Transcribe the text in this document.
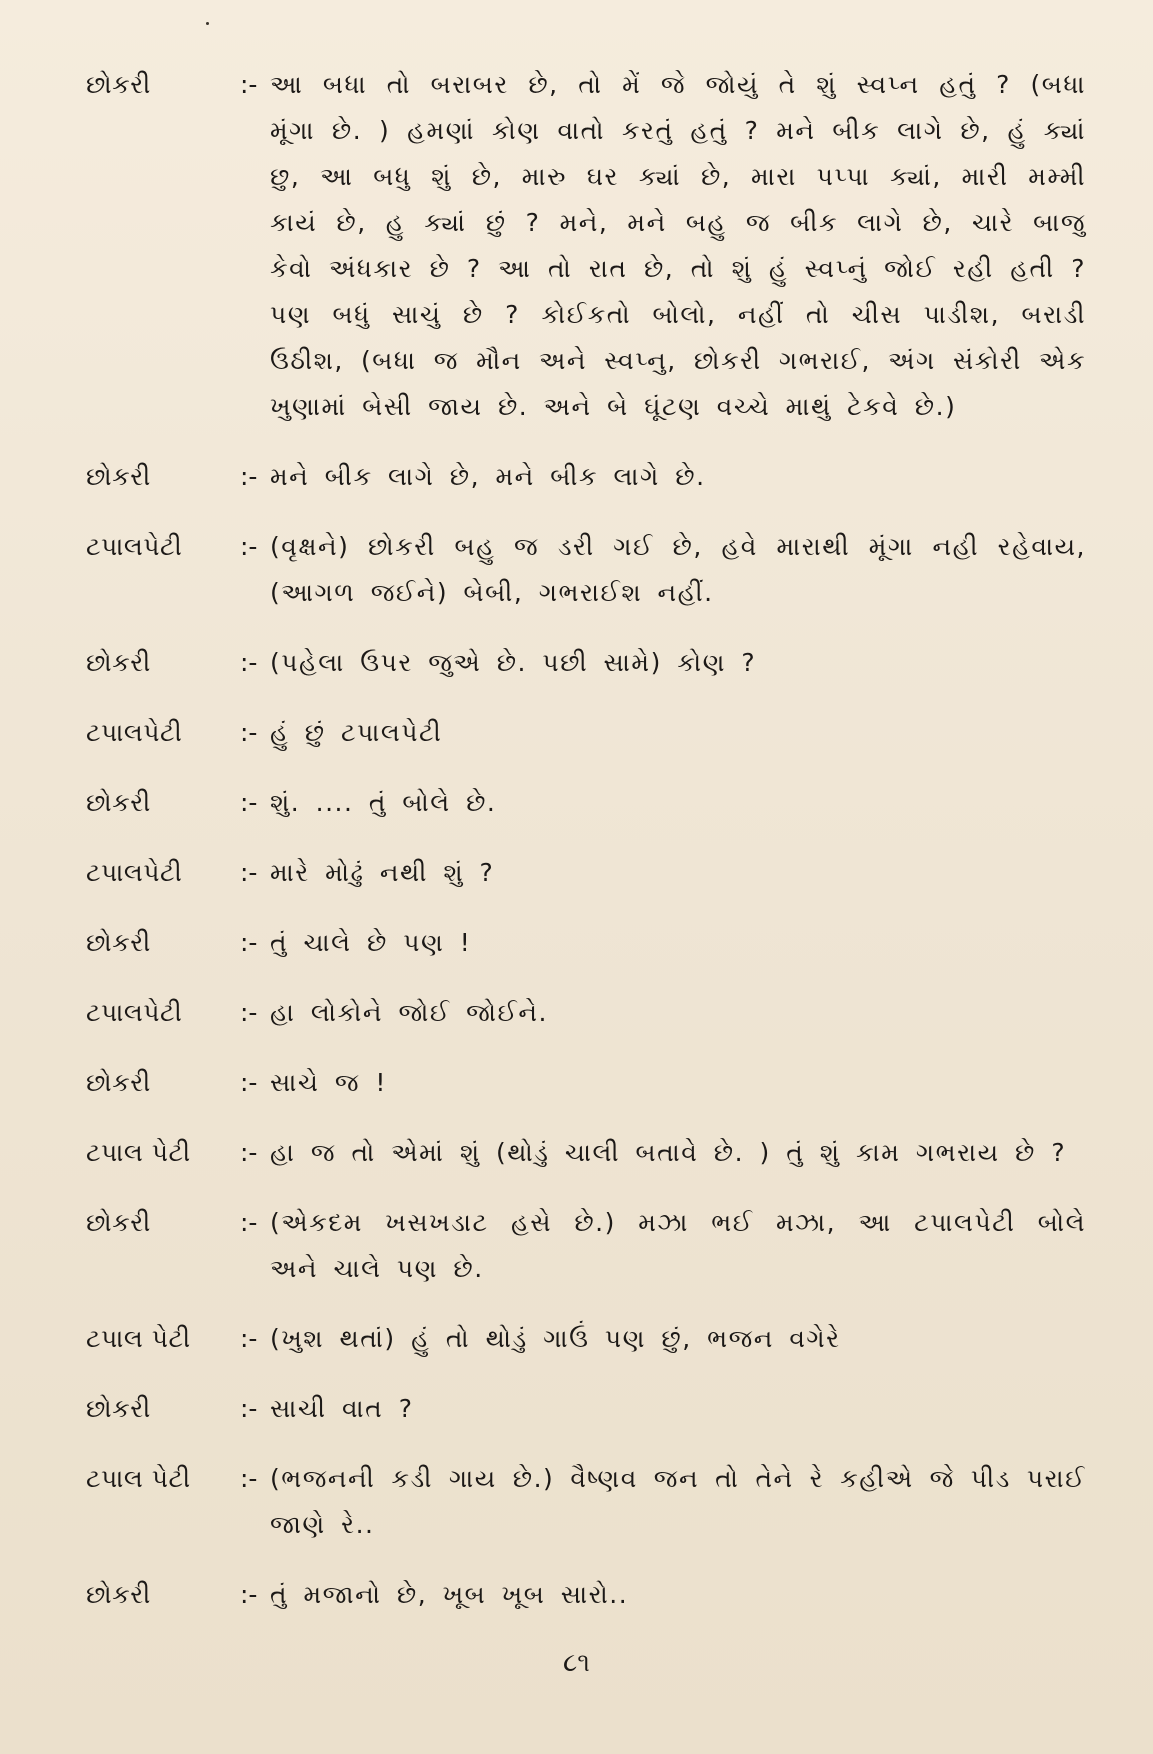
છોકરી	:- આ બધા તો બરાબર છે, તો મેં જે જોયું તે શું સ્વપ્ન હતું ? (બધા મૂંગા છે. ) હમણાં કોણ વાતો કરતું હતું ? મને બીક લાગે છે, હું ક્યાં છુ, આ બધુ શું છે, મારુ ઘર ક્યાં છે, મારા પપ્પા ક્યાં, મારી મમ્મી કાયં છે, હુ ક્યાં છું ? મને, મને બહુ જ બીક લાગે છે, ચારે બાજુ કેવો અંધકાર છે ? આ તો રાત છે, તો શું હું સ્વપ્નું જોઈ રહી હતી ? પણ બધું સાચું છે ? કોઈકતો બોલો, નહીં તો ચીસ પાડીશ, બરાડી ઉઠીશ, (બધા જ મૌન અને સ્વપ્નુ, છોકરી ગભરાઈ, અંગ સંકોરી એક ખુણામાં બેસી જાય છે. અને બે ઘૂંટણ વચ્ચે માથું ટેકવે છે.)
છોકરી	:- મને બીક લાગે છે, મને બીક લાગે છે.
ટપાલપેટી	:- (વૃક્ષને) છોકરી બહુ જ ડરી ગઈ છે, હવે મારાથી મૂંગા નહી રહેવાય, (આગળ જઈને) બેબી, ગભરાઈશ નહીં.
છોકરી	:- (પહેલા ઉપર જુએ છે. પછી સામે) કોણ ?
ટપાલપેટી	:- હું છું ટપાલપેટી
છોકરી	:- શું. .... તું બોલે છે.
ટપાલપેટી	:- મારે મોઢું નથી શું ?
છોકરી	:- તું ચાલે છે પણ !
ટપાલપેટી	:- હા લોકોને જોઈ જોઈને.
છોકરી	:- સાચે જ !
ટપાલ પેટી	:- હા જ તો એમાં શું (થોડું ચાલી બતાવે છે. ) તું શું કામ ગભરાય છે ?
છોકરી	:- (એકદમ ખસખડાટ હસે છે.) મઝા ભઈ મઝા, આ ટપાલપેટી બોલે અને ચાલે પણ છે.
ટપાલ પેટી	:- (ખુશ થતાં) હું તો થોડું ગાઉં પણ છું, ભજન વગેરે
છોકરી	:- સાચી વાત ?
ટપાલ પેટી	:- (ભજનની કડી ગાય છે.) વૈષ્ણવ જન તો તેને રે કહીએ જે પીડ પરાઈ જાણે રે..
છોકરી	:- તું મજાનો છે, ખૂબ ખૂબ સારો..
૮૧
